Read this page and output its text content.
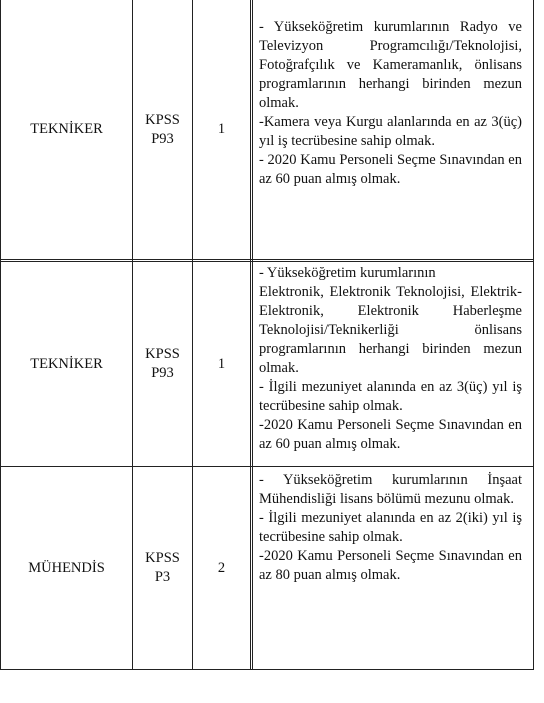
TEKNİKER
KPSS
P93
1

- Yükseköğretim kurumlarının Radyo ve Televizyon Programcılığı/Teknolojisi, Fotoğrafçılık ve Kameramanlık, önlisans programlarının herhangi birinden mezun olmak.

-Kamera veya Kurgu alanlarında en az 3(üç) yıl iş tecrübesine sahip olmak.

- 2020 Kamu Personeli Seçme Sınavından en az 60 puan almış olmak.

TEKNİKER
KPSS
P93
1

- Yükseköğretim kurumlarının

Elektronik, Elektronik Teknolojisi, Elektrik-Elektronik, Elektronik Haberleşme Teknolojisi/Teknikerliği önlisans programlarının herhangi birinden mezun olmak.

- İlgili mezuniyet alanında en az 3(üç) yıl iş tecrübesine sahip olmak.

-2020 Kamu Personeli Seçme Sınavından en az 60 puan almış olmak.

MÜHENDİS
KPSS
P3
2

- Yükseköğretim kurumlarının İnşaat Mühendisliği lisans bölümü mezunu olmak.

- İlgili mezuniyet alanında en az 2(iki) yıl iş tecrübesine sahip olmak.

-2020 Kamu Personeli Seçme Sınavından en az 80 puan almış olmak.
